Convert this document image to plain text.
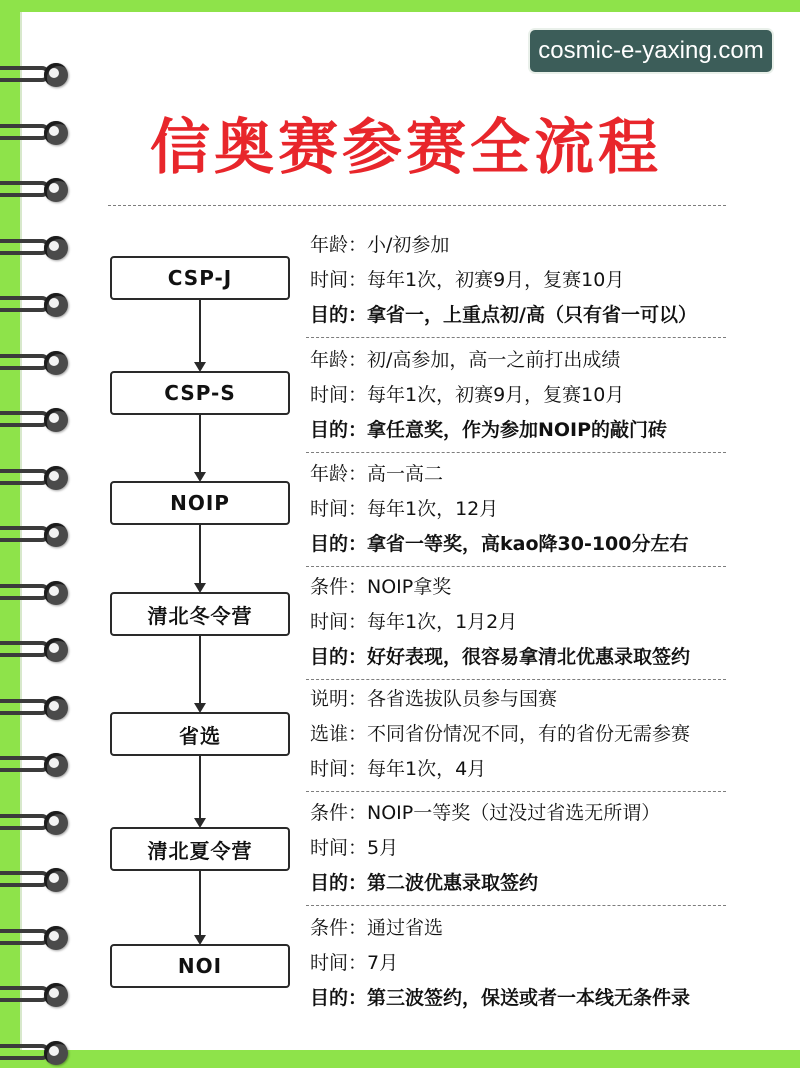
cosmic-e-yaxing.com
信奥赛参赛全流程
CSP-J
年龄：小/初参加
时间：每年1次，初赛9月，复赛10月
目的：拿省一，上重点初/高（只有省一可以）
CSP-S
年龄：初/高参加，高一之前打出成绩
时间：每年1次，初赛9月，复赛10月
目的：拿任意奖，作为参加NOIP的敲门砖
NOIP
年龄：高一高二
时间：每年1次，12月
目的：拿省一等奖，高kao降30-100分左右
清北冬令营
条件：NOIP拿奖
时间：每年1次，1月2月
目的：好好表现，很容易拿清北优惠录取签约
省选
说明：各省选拔队员参与国赛
选谁：不同省份情况不同，有的省份无需参赛
时间：每年1次，4月
清北夏令营
条件：NOIP一等奖（过没过省选无所谓）
时间：5月
目的：第二波优惠录取签约
NOI
条件：通过省选
时间：7月
目的：第三波签约，保送或者一本线无条件录
